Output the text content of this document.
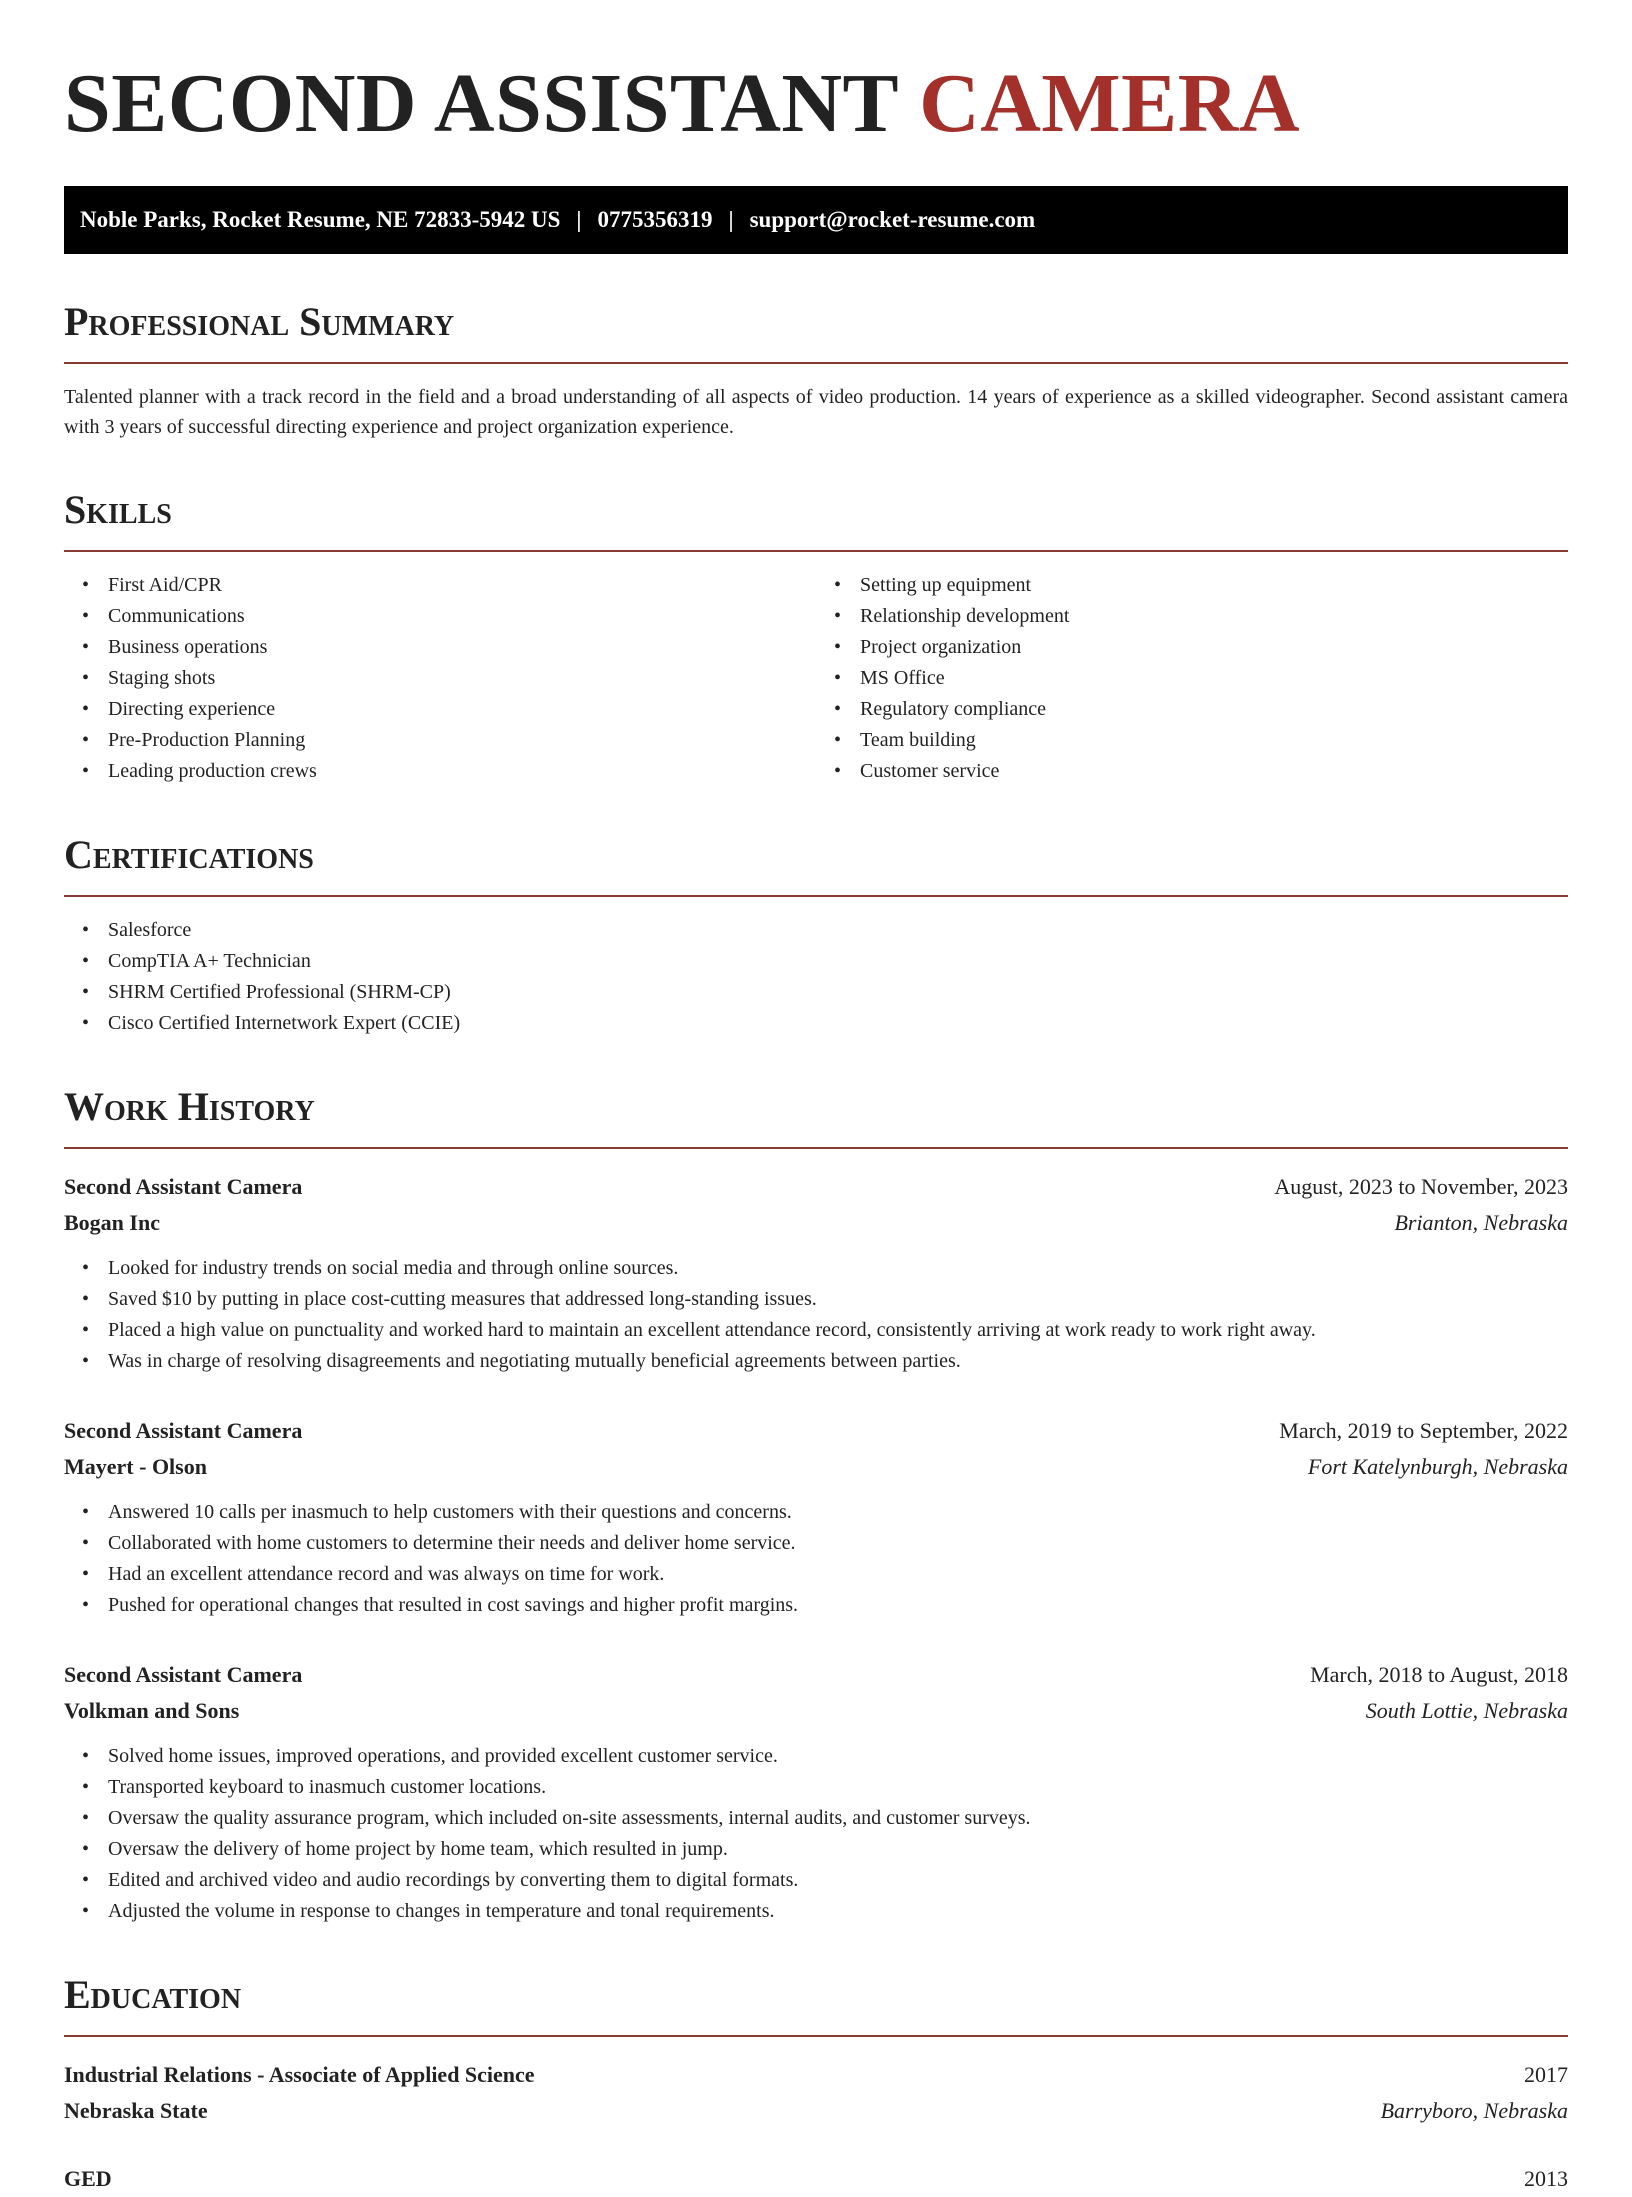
SECOND ASSISTANT CAMERA
Noble Parks, Rocket Resume, NE 72833-5942 US | 0775356319 | support@rocket-resume.com
Professional Summary

Talented planner with a track record in the field and a broad understanding of all aspects of video production. 14 years of experience as a skilled videographer. Second assistant camera with 3 years of successful directing experience and project organization experience.

Skills
• First Aid/CPR
• Communications
• Business operations
• Staging shots
• Directing experience
• Pre-Production Planning
• Leading production crews
• Setting up equipment
• Relationship development
• Project organization
• MS Office
• Regulatory compliance
• Team building
• Customer service
Certifications
• Salesforce
• CompTIA A+ Technician
• SHRM Certified Professional (SHRM-CP)
• Cisco Certified Internetwork Expert (CCIE)
Work History
Second Assistant Camera	August, 2023 to November, 2023
Bogan Inc	Brianton, Nebraska
• Looked for industry trends on social media and through online sources.
• Saved $10 by putting in place cost-cutting measures that addressed long-standing issues.
• Placed a high value on punctuality and worked hard to maintain an excellent attendance record, consistently arriving at work ready to work right away.
• Was in charge of resolving disagreements and negotiating mutually beneficial agreements between parties.
Second Assistant Camera	March, 2019 to September, 2022
Mayert - Olson	Fort Katelynburgh, Nebraska
• Answered 10 calls per inasmuch to help customers with their questions and concerns.
• Collaborated with home customers to determine their needs and deliver home service.
• Had an excellent attendance record and was always on time for work.
• Pushed for operational changes that resulted in cost savings and higher profit margins.
Second Assistant Camera	March, 2018 to August, 2018
Volkman and Sons	South Lottie, Nebraska
• Solved home issues, improved operations, and provided excellent customer service.
• Transported keyboard to inasmuch customer locations.
• Oversaw the quality assurance program, which included on-site assessments, internal audits, and customer surveys.
• Oversaw the delivery of home project by home team, which resulted in jump.
• Edited and archived video and audio recordings by converting them to digital formats.
• Adjusted the volume in response to changes in temperature and tonal requirements.
Education
Industrial Relations - Associate of Applied Science	2017
Nebraska State	Barryboro, Nebraska
GED	2013
